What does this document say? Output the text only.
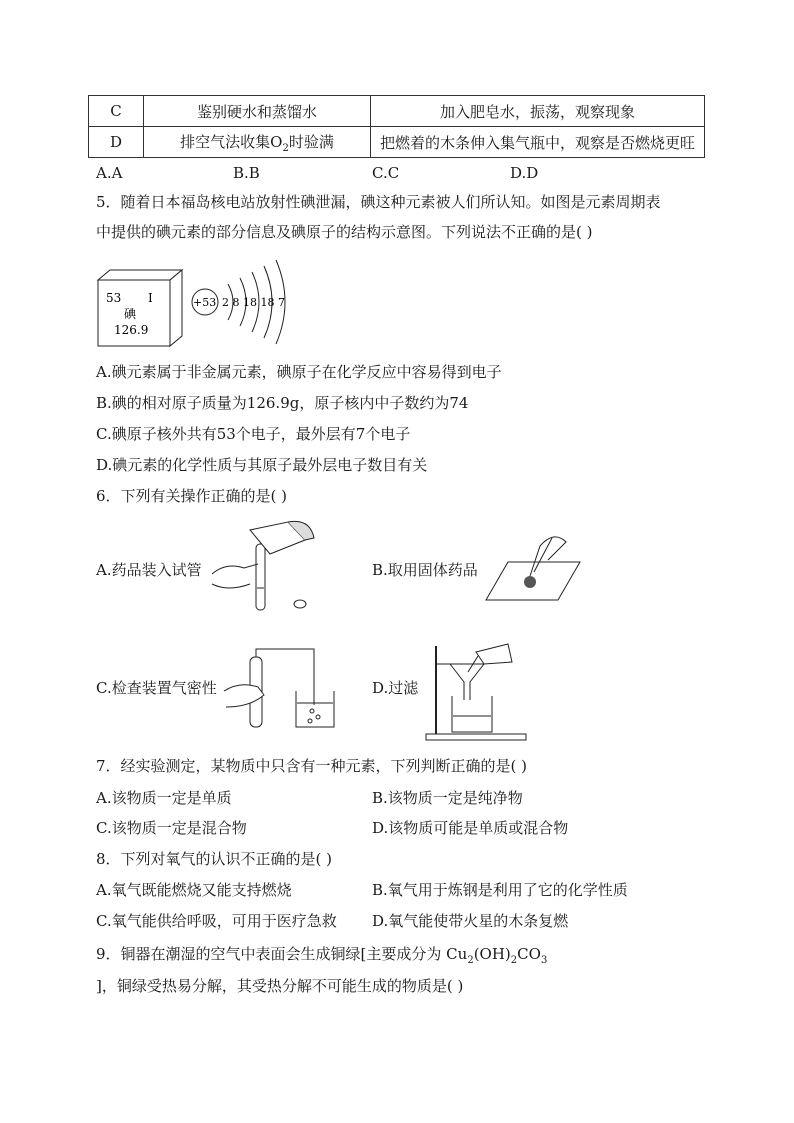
C	鉴别硬水和蒸馏水	加入肥皂水，振荡，观察现象
D	排空气法收集$O_2$时验满	把燃着的木条伸入集气瓶中，观察是否燃烧更旺
A.A	B.B	C.C	D.D
5．随着日本福岛核电站放射性碘泄漏，碘这种元素被人们所认知。如图是元素周期表
中提供的碘元素的部分信息及碘原子的结构示意图。下列说法不正确的是( )
53 I
碘
126.9
+53 2 8 18 18 7
A.碘元素属于非金属元素，碘原子在化学反应中容易得到电子
B.碘的相对原子质量为126.9g，原子核内中子数约为74
C.碘原子核外共有53个电子，最外层有7个电子
D.碘元素的化学性质与其原子最外层电子数目有关
6．下列有关操作正确的是( )
A.药品装入试管	B.取用固体药品
C.检查装置气密性	D.过滤
7．经实验测定，某物质中只含有一种元素，下列判断正确的是( )
A.该物质一定是单质	B.该物质一定是纯净物
C.该物质一定是混合物	D.该物质可能是单质或混合物
8．下列对氧气的认识不正确的是( )
A.氧气既能燃烧又能支持燃烧	B.氧气用于炼钢是利用了它的化学性质
C.氧气能供给呼吸，可用于医疗急救 D.氧气能使带火星的木条复燃
9．铜器在潮湿的空气中表面会生成铜绿[主要成分为 $Cu_2(OH)_2CO_3$
]，铜绿受热易分解，其受热分解不可能生成的物质是( )
